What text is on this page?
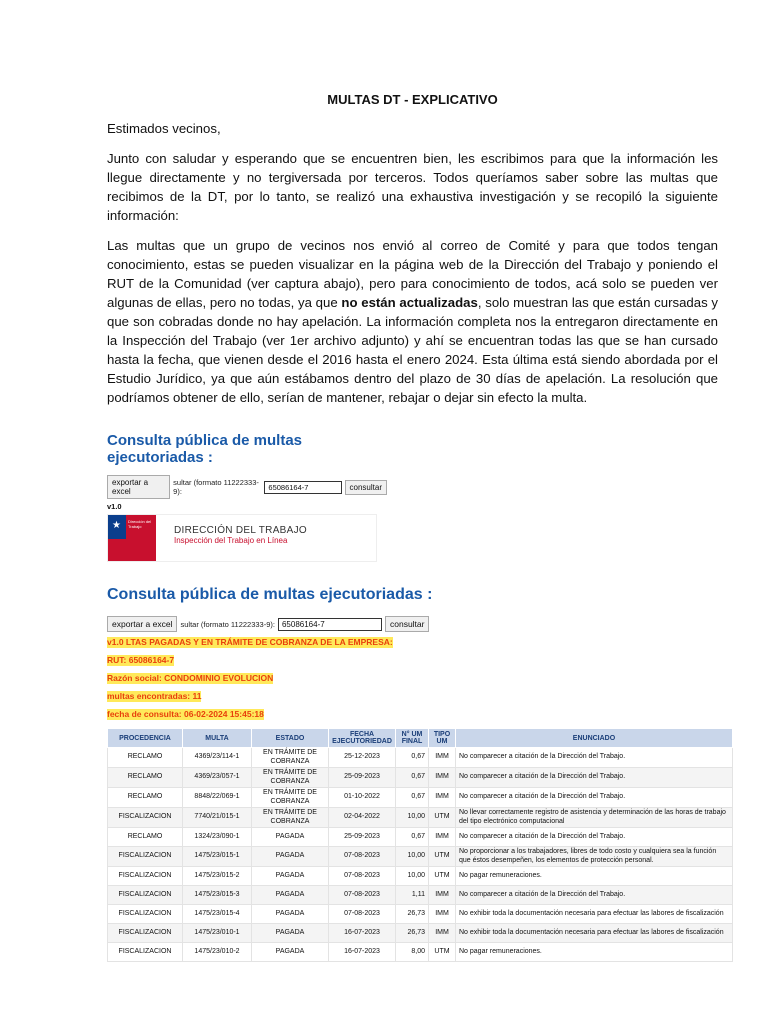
MULTAS DT - EXPLICATIVO

Estimados vecinos,

Junto con saludar y esperando que se encuentren bien, les escribimos para que la información les llegue directamente y no tergiversada por terceros. Todos queríamos saber sobre las multas que recibimos de la DT, por lo tanto, se realizó una exhaustiva investigación y se recopiló la siguiente información:

Las multas que un grupo de vecinos nos envió al correo de Comité y para que todos tengan conocimiento, estas se pueden visualizar en la página web de la Dirección del Trabajo y poniendo el RUT de la Comunidad (ver captura abajo), pero para conocimiento de todos, acá solo se pueden ver algunas de ellas, pero no todas, ya que no están actualizadas, solo muestran las que están cursadas y que son cobradas donde no hay apelación. La información completa nos la entregaron directamente en la Inspección del Trabajo (ver 1er archivo adjunto) y ahí se encuentran todas las que se han cursado hasta la fecha, que vienen desde el 2016 hasta el enero 2024. Esta última está siendo abordada por el Estudio Jurídico, ya que aún estábamos dentro del plazo de 30 días de apelación. La resolución que podríamos obtener de ello, serían de mantener, rebajar o dejar sin efecto la multa.

Consulta pública de multas ejecutoriadas :

exportar a excel
sultar (formato 11222333-9):	65086164-7	consultar
v1.0
★ Dirección del Trabajo	DIRECCIÓN DEL TRABAJO
Inspección del Trabajo en Línea

Consulta pública de multas ejecutoriadas :

exportar a excel	sultar (formato 11222333-9): 65086164-7	consultar
v1.0 LTAS PAGADAS Y EN TRÁMITE DE COBRANZA DE LA EMPRESA:
RUT: 65086164-7
Razón social: CONDOMINIO EVOLUCION
multas encontradas: 11
fecha de consulta: 06-02-2024 15:45:18
PROCEDENCIA	MULTA	ESTADO	FECHA EJECUTORIEDAD	N° UM FINAL	TIPO UM	ENUNCIADO
RECLAMO	4369/23/114-1	EN TRÁMITE DE COBRANZA	25-12-2023	0,67	IMM	No comparecer a citación de la Dirección del Trabajo.
RECLAMO	4369/23/057-1	EN TRÁMITE DE COBRANZA	25-09-2023	0,67	IMM	No comparecer a citación de la Dirección del Trabajo.
RECLAMO	8848/22/069-1	EN TRÁMITE DE COBRANZA	01-10-2022	0,67	IMM	No comparecer a citación de la Dirección del Trabajo.
FISCALIZACION	7740/21/015-1	EN TRÁMITE DE COBRANZA	02-04-2022	10,00	UTM	No llevar correctamente registro de asistencia y determinación de las horas de trabajo del tipo electrónico computacional
RECLAMO	1324/23/090-1	PAGADA	25-09-2023	0,67	IMM	No comparecer a citación de la Dirección del Trabajo.
FISCALIZACION	1475/23/015-1	PAGADA	07-08-2023	10,00	UTM	No proporcionar a los trabajadores, libres de todo costo y cualquiera sea la función que éstos desempeñen, los elementos de protección personal.
FISCALIZACION	1475/23/015-2	PAGADA	07-08-2023	10,00	UTM	No pagar remuneraciones.
FISCALIZACION	1475/23/015-3	PAGADA	07-08-2023	1,11	IMM	No comparecer a citación de la Dirección del Trabajo.
FISCALIZACION	1475/23/015-4	PAGADA	07-08-2023	26,73	IMM	No exhibir toda la documentación necesaria para efectuar las labores de fiscalización
FISCALIZACION	1475/23/010-1	PAGADA	16-07-2023	26,73	IMM	No exhibir toda la documentación necesaria para efectuar las labores de fiscalización
FISCALIZACION	1475/23/010-2	PAGADA	16-07-2023	8,00	UTM	No pagar remuneraciones.
